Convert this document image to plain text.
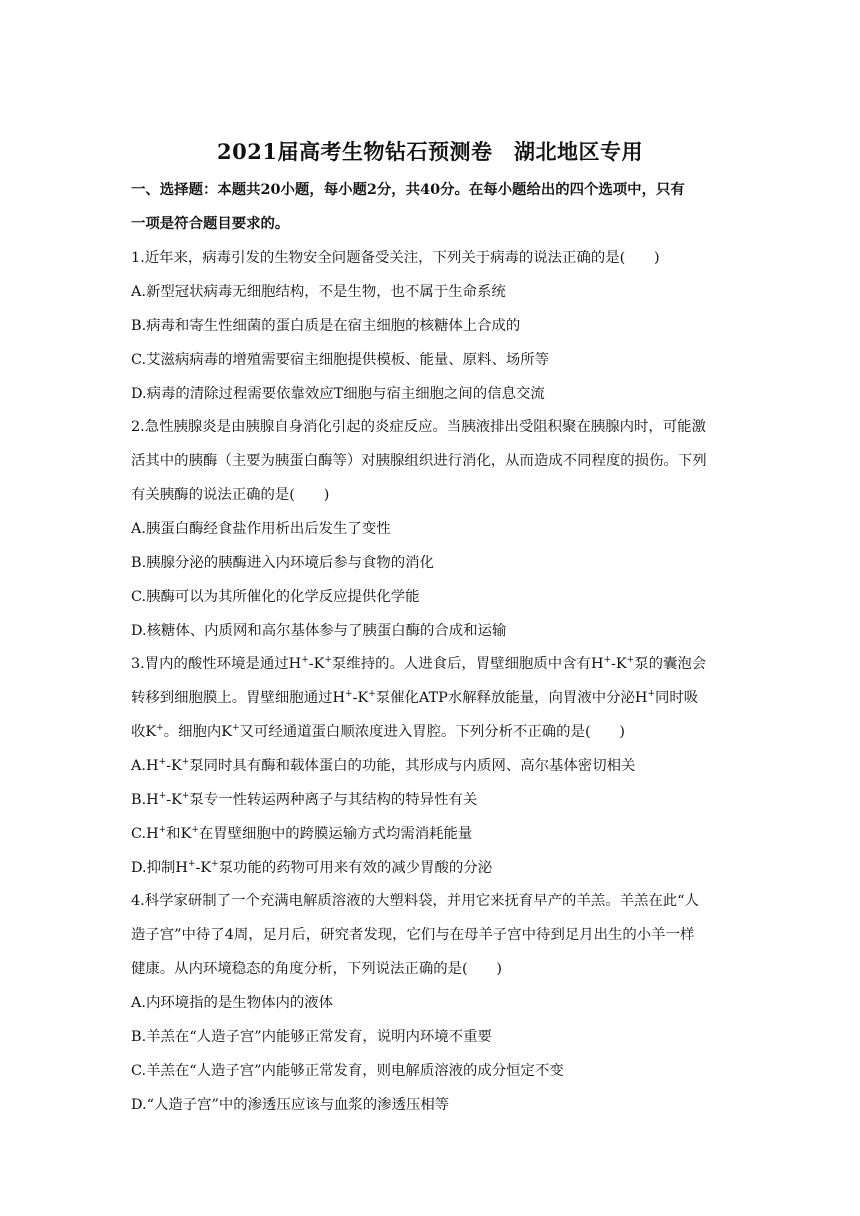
2021届高考生物钻石预测卷　湖北地区专用
一、选择题：本题共20小题，每小题2分，共40分。在每小题给出的四个选项中，只有
一项是符合题目要求的。
1.近年来，病毒引发的生物安全问题备受关注，下列关于病毒的说法正确的是(　　)
A.新型冠状病毒无细胞结构，不是生物，也不属于生命系统
B.病毒和寄生性细菌的蛋白质是在宿主细胞的核糖体上合成的
C.艾滋病病毒的增殖需要宿主细胞提供模板、能量、原料、场所等
D.病毒的清除过程需要依靠效应T细胞与宿主细胞之间的信息交流
2.急性胰腺炎是由胰腺自身消化引起的炎症反应。当胰液排出受阻积聚在胰腺内时，可能激
活其中的胰酶（主要为胰蛋白酶等）对胰腺组织进行消化，从而造成不同程度的损伤。下列
有关胰酶的说法正确的是(　　)
A.胰蛋白酶经食盐作用析出后发生了变性
B.胰腺分泌的胰酶进入内环境后参与食物的消化
C.胰酶可以为其所催化的化学反应提供化学能
D.核糖体、内质网和高尔基体参与了胰蛋白酶的合成和运输
3.胃内的酸性环境是通过H+-K+泵维持的。人进食后，胃壁细胞质中含有H+-K+泵的囊泡会
转移到细胞膜上。胃壁细胞通过H+-K+泵催化ATP水解释放能量，向胃液中分泌H+同时吸
收K+。细胞内K+又可经通道蛋白顺浓度进入胃腔。下列分析不正确的是(　　)
A.H+-K+泵同时具有酶和载体蛋白的功能，其形成与内质网、高尔基体密切相关
B.H+-K+泵专一性转运两种离子与其结构的特异性有关
C.H+和K+在胃壁细胞中的跨膜运输方式均需消耗能量
D.抑制H+-K+泵功能的药物可用来有效的减少胃酸的分泌
4.科学家研制了一个充满电解质溶液的大塑料袋，并用它来抚育早产的羊羔。羊羔在此“人
造子宫”中待了4周，足月后，研究者发现，它们与在母羊子宫中待到足月出生的小羊一样
健康。从内环境稳态的角度分析，下列说法正确的是(　　)
A.内环境指的是生物体内的液体
B.羊羔在“人造子宫”内能够正常发育，说明内环境不重要
C.羊羔在“人造子宫”内能够正常发育，则电解质溶液的成分恒定不变
D.“人造子宫”中的渗透压应该与血浆的渗透压相等
